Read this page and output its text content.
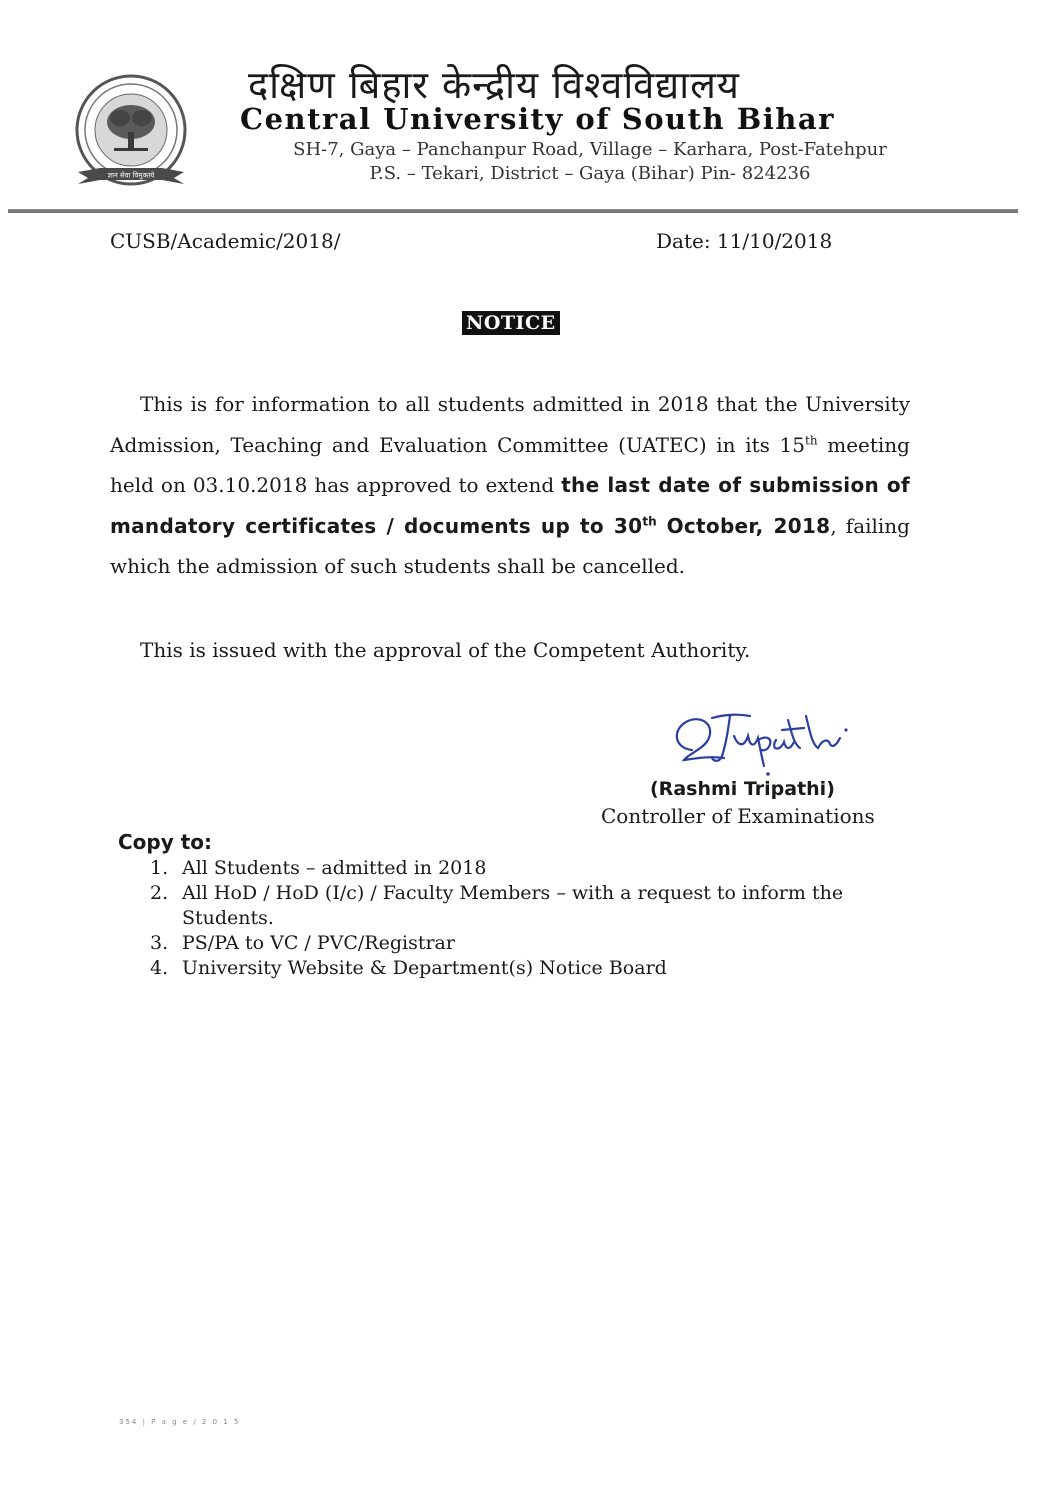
ज्ञान सेवा विमुक्तये
दक्षिण बिहार केन्द्रीय विश्वविद्यालय
Central University of South Bihar
SH-7, Gaya – Panchanpur Road, Village – Karhara, Post-Fatehpur
P.S. – Tekari, District – Gaya (Bihar) Pin- 824236
CUSB/Academic/2018/	Date: 11/10/2018
NOTICE
This is for information to all students admitted in 2018 that the University Admission, Teaching and Evaluation Committee (UATEC) in its 15th meeting held on 03.10.2018 has approved to extend the last date of submission of mandatory certificates / documents up to 30th October, 2018, failing which the admission of such students shall be cancelled.
This is issued with the approval of the Competent Authority.
(Rashmi Tripathi)
Controller of Examinations
Copy to:
1. All Students – admitted in 2018
2. All HoD / HoD (I/c) / Faculty Members – with a request to inform the Students.
3. PS/PA to VC / PVC/Registrar
4. University Website & Department(s) Notice Board
354 | P a g e / 2 0 1 5
